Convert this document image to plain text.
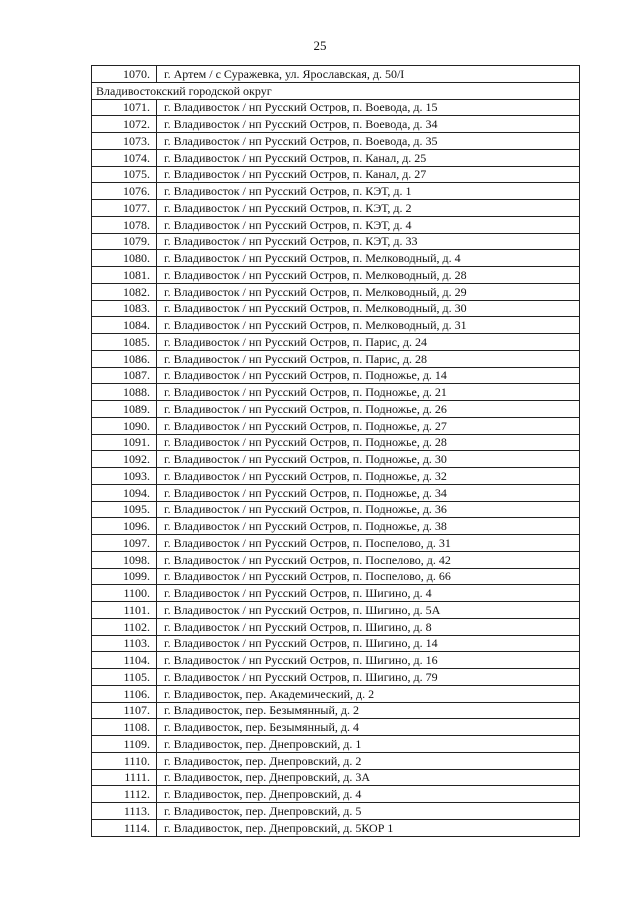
25
1070.	г. Артем / с Суражевка, ул. Ярославская, д. 50/I
Владивостокский городской округ	
1071.	г. Владивосток / нп Русский Остров, п. Воевода, д. 15
1072.	г. Владивосток / нп Русский Остров, п. Воевода, д. 34
1073.	г. Владивосток / нп Русский Остров, п. Воевода, д. 35
1074.	г. Владивосток / нп Русский Остров, п. Канал, д. 25
1075.	г. Владивосток / нп Русский Остров, п. Канал, д. 27
1076.	г. Владивосток / нп Русский Остров, п. КЭТ, д. 1
1077.	г. Владивосток / нп Русский Остров, п. КЭТ, д. 2
1078.	г. Владивосток / нп Русский Остров, п. КЭТ, д. 4
1079.	г. Владивосток / нп Русский Остров, п. КЭТ, д. 33
1080.	г. Владивосток / нп Русский Остров, п. Мелководный, д. 4
1081.	г. Владивосток / нп Русский Остров, п. Мелководный, д. 28
1082.	г. Владивосток / нп Русский Остров, п. Мелководный, д. 29
1083.	г. Владивосток / нп Русский Остров, п. Мелководный, д. 30
1084.	г. Владивосток / нп Русский Остров, п. Мелководный, д. 31
1085.	г. Владивосток / нп Русский Остров, п. Парис, д. 24
1086.	г. Владивосток / нп Русский Остров, п. Парис, д. 28
1087.	г. Владивосток / нп Русский Остров, п. Подножье, д. 14
1088.	г. Владивосток / нп Русский Остров, п. Подножье, д. 21
1089.	г. Владивосток / нп Русский Остров, п. Подножье, д. 26
1090.	г. Владивосток / нп Русский Остров, п. Подножье, д. 27
1091.	г. Владивосток / нп Русский Остров, п. Подножье, д. 28
1092.	г. Владивосток / нп Русский Остров, п. Подножье, д. 30
1093.	г. Владивосток / нп Русский Остров, п. Подножье, д. 32
1094.	г. Владивосток / нп Русский Остров, п. Подножье, д. 34
1095.	г. Владивосток / нп Русский Остров, п. Подножье, д. 36
1096.	г. Владивосток / нп Русский Остров, п. Подножье, д. 38
1097.	г. Владивосток / нп Русский Остров, п. Поспелово, д. 31
1098.	г. Владивосток / нп Русский Остров, п. Поспелово, д. 42
1099.	г. Владивосток / нп Русский Остров, п. Поспелово, д. 66
1100.	г. Владивосток / нп Русский Остров, п. Шигино, д. 4
1101.	г. Владивосток / нп Русский Остров, п. Шигино, д. 5А
1102.	г. Владивосток / нп Русский Остров, п. Шигино, д. 8
1103.	г. Владивосток / нп Русский Остров, п. Шигино, д. 14
1104.	г. Владивосток / нп Русский Остров, п. Шигино, д. 16
1105.	г. Владивосток / нп Русский Остров, п. Шигино, д. 79
1106.	г. Владивосток, пер. Академический, д. 2
1107.	г. Владивосток, пер. Безымянный, д. 2
1108.	г. Владивосток, пер. Безымянный, д. 4
1109.	г. Владивосток, пер. Днепровский, д. 1
1110.	г. Владивосток, пер. Днепровский, д. 2
1111.	г. Владивосток, пер. Днепровский, д. 3А
1112.	г. Владивосток, пер. Днепровский, д. 4
1113.	г. Владивосток, пер. Днепровский, д. 5
1114.	г. Владивосток, пер. Днепровский, д. 5КОР 1
